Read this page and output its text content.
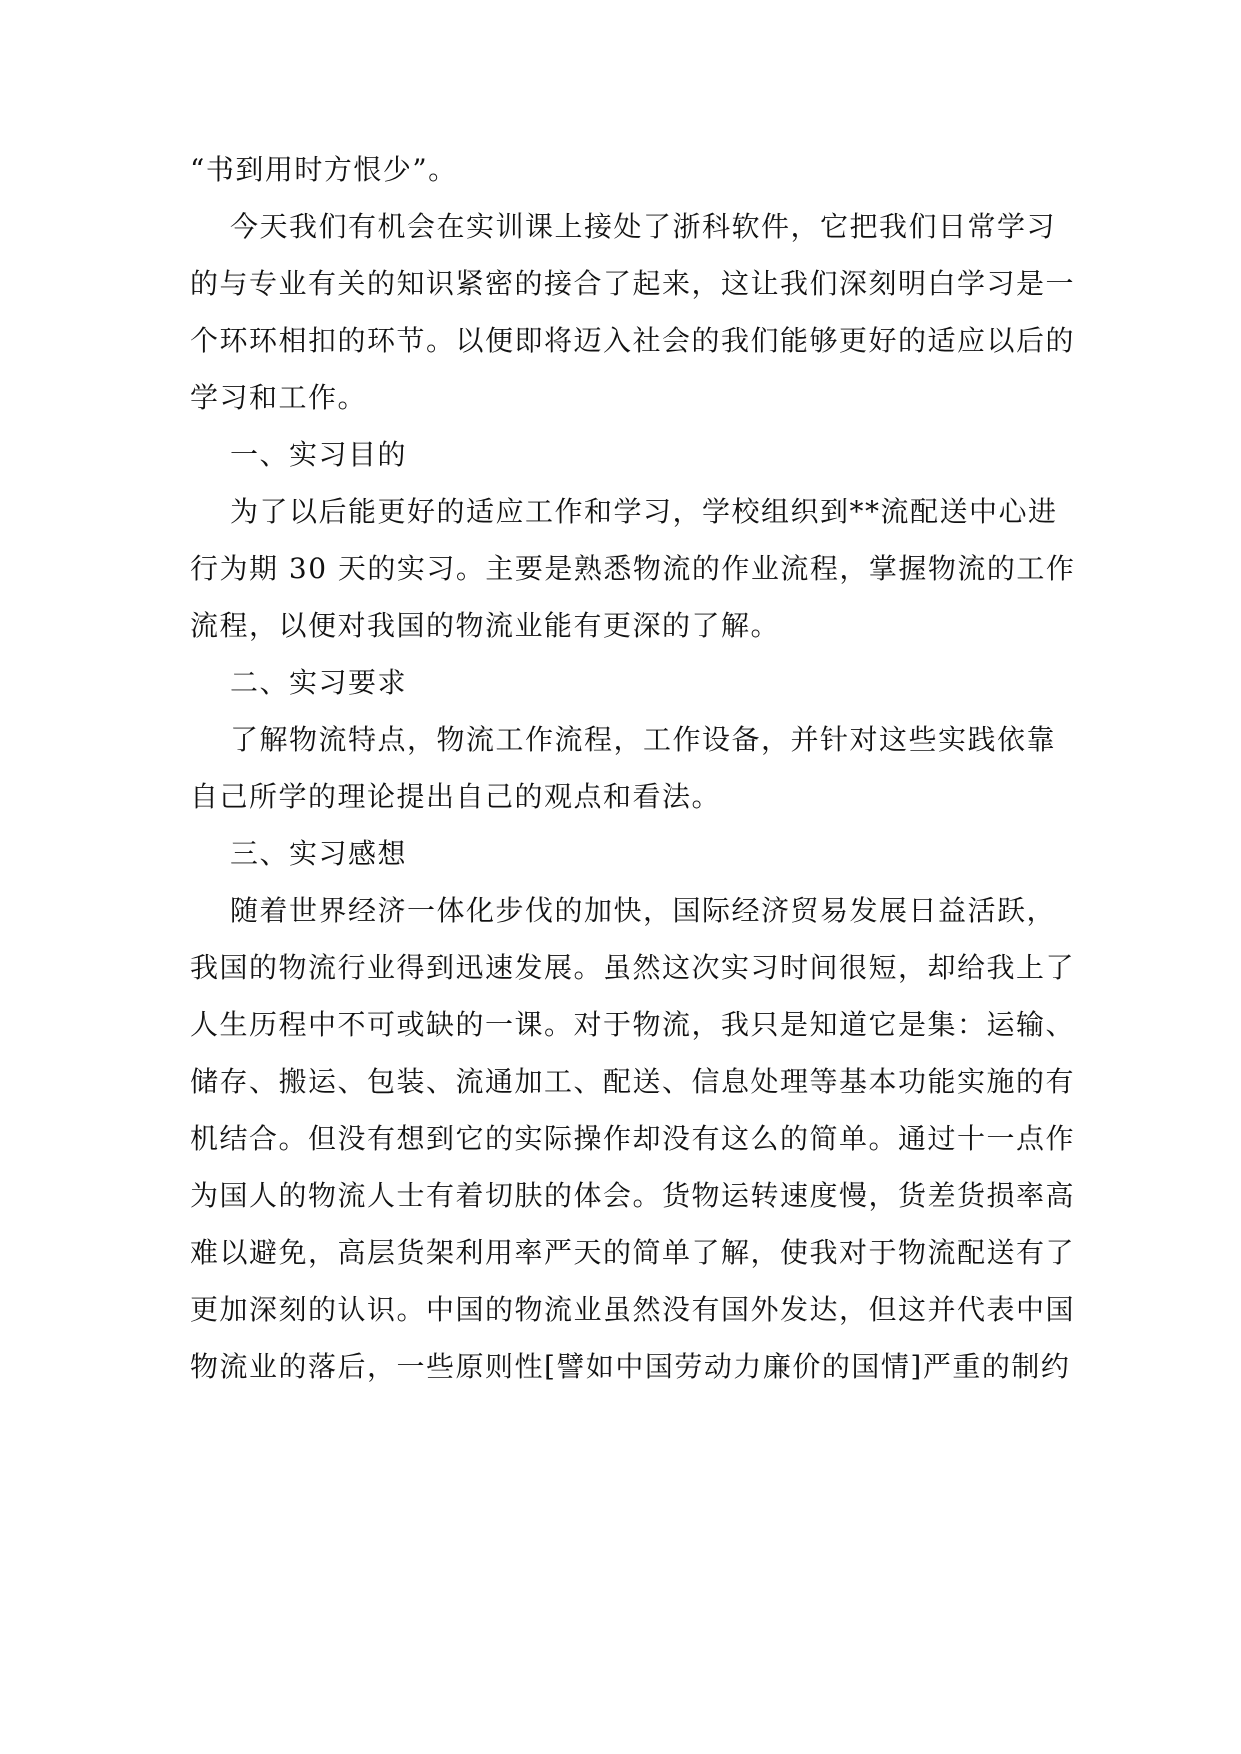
“书到用时方恨少”。
今天我们有机会在实训课上接处了浙科软件，它把我们日常学习
的与专业有关的知识紧密的接合了起来，这让我们深刻明白学习是一
个环环相扣的环节。以便即将迈入社会的我们能够更好的适应以后的
学习和工作。
一、实习目的
为了以后能更好的适应工作和学习，学校组织到**流配送中心进
行为期 30 天的实习。主要是熟悉物流的作业流程，掌握物流的工作
流程，以便对我国的物流业能有更深的了解。
二、实习要求
了解物流特点，物流工作流程，工作设备，并针对这些实践依靠
自己所学的理论提出自己的观点和看法。
三、实习感想
随着世界经济一体化步伐的加快，国际经济贸易发展日益活跃，
我国的物流行业得到迅速发展。虽然这次实习时间很短，却给我上了
人生历程中不可或缺的一课。对于物流，我只是知道它是集：运输、
储存、搬运、包装、流通加工、配送、信息处理等基本功能实施的有
机结合。但没有想到它的实际操作却没有这么的简单。通过十一点作
为国人的物流人士有着切肤的体会。货物运转速度慢，货差货损率高
难以避免，高层货架利用率严天的简单了解，使我对于物流配送有了
更加深刻的认识。中国的物流业虽然没有国外发达，但这并代表中国
物流业的落后，一些原则性[譬如中国劳动力廉价的国情]严重的制约
